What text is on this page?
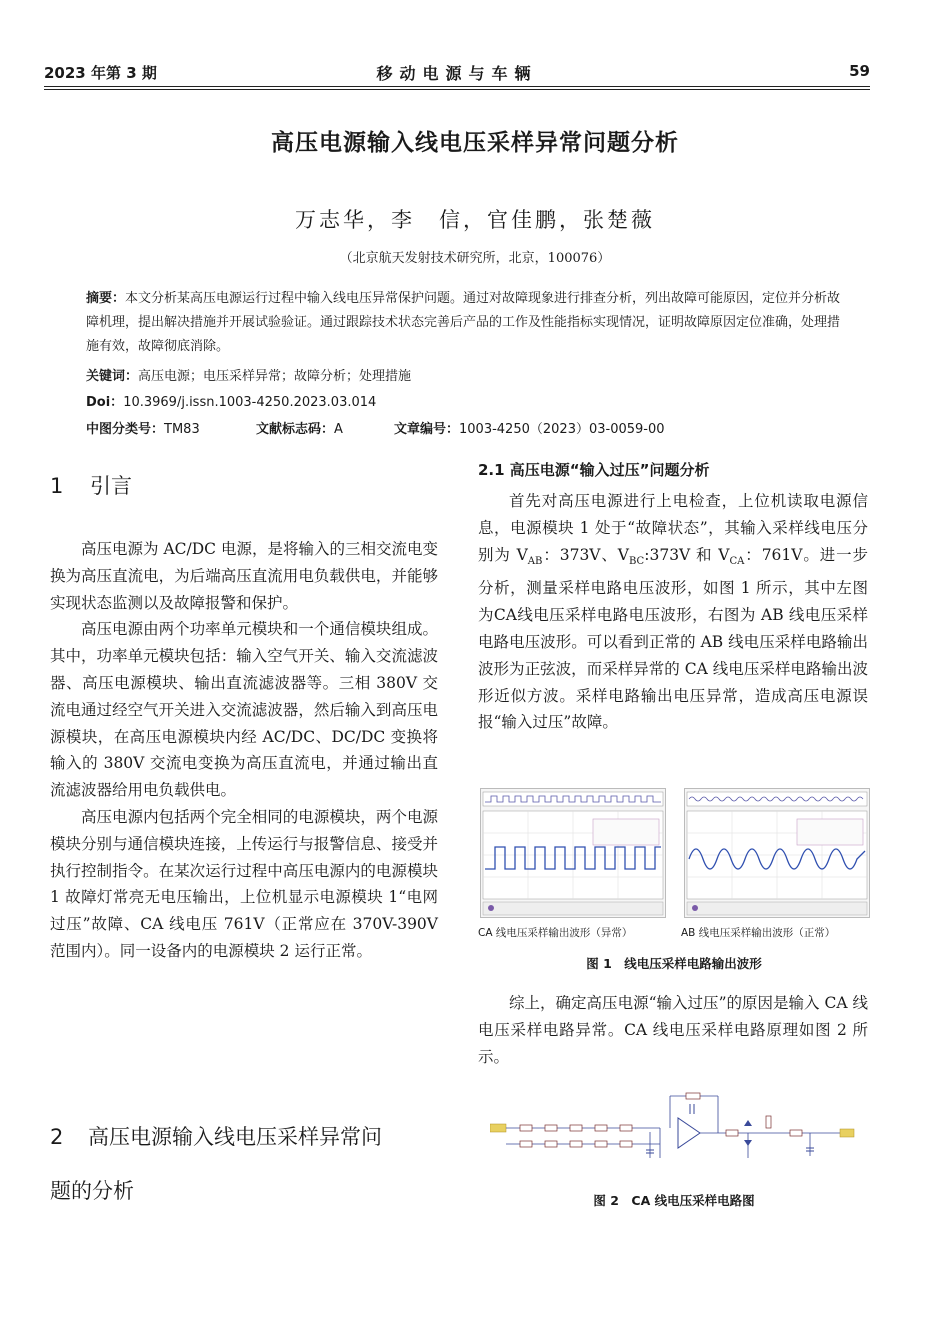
2023 年第 3 期	移动电源与车辆	59
高压电源输入线电压采样异常问题分析
万志华，李　信，官佳鹏，张楚薇
（北京航天发射技术研究所，北京，100076）
摘要：本文分析某高压电源运行过程中输入线电压异常保护问题。通过对故障现象进行排查分析，列出故障可能原因，定位并分析故障机理，提出解决措施并开展试验验证。通过跟踪技术状态完善后产品的工作及性能指标实现情况，证明故障原因定位准确，处理措施有效，故障彻底消除。
关键词：高压电源；电压采样异常；故障分析；处理措施
Doi：10.3969/j.issn.1003-4250.2023.03.014
中图分类号：TM83	文献标志码：A	文章编号：1003-4250（2023）03-0059-00
1 引言

高压电源为 AC/DC 电源，是将输入的三相交流电变换为高压直流电，为后端高压直流用电负载供电，并能够实现状态监测以及故障报警和保护。

高压电源由两个功率单元模块和一个通信模块组成。其中，功率单元模块包括：输入空气开关、输入交流滤波器、高压电源模块、输出直流滤波器等。三相 380V 交流电通过经空气开关进入交流滤波器，然后输入到高压电源模块，在高压电源模块内经 AC/DC、DC/DC 变换将输入的 380V 交流电变换为高压直流电，并通过输出直流滤波器给用电负载供电。

高压电源内包括两个完全相同的电源模块，两个电源模块分别与通信模块连接，上传运行与报警信息、接受并执行控制指令。在某次运行过程中高压电源内的电源模块 1 故障灯常亮无电压输出，上位机显示电源模块 1“电网过压”故障、CA 线电压 761V（正常应在 370V-390V 范围内）。同一设备内的电源模块 2 运行正常。

2 高压电源输入线电压采样异常问
题的分析
2.1 高压电源“输入过压”问题分析

首先对高压电源进行上电检查，上位机读取电源信息，电源模块 1 处于“故障状态”，其输入采样线电压分别为 $V_{AB}$：373V、$V_{BC}:373V$ 和 $V_{CA}$：761V。进一步分析，测量采样电路电压波形，如图 1 所示，其中左图为CA线电压采样电路电压波形，右图为 AB 线电压采样电路电压波形。可以看到正常的 AB 线电压采样电路输出波形为正弦波，而采样异常的 CA 线电压采样电路输出波形近似方波。采样电路输出电压异常，造成高压电源误报“输入过压”故障。

CA 线电压采样输出波形（异常）	AB 线电压采样输出波形（正常）
图 1　线电压采样电路输出波形

综上，确定高压电源“输入过压”的原因是输入 CA 线电压采样电路异常。CA 线电压采样电路原理如图 2 所示。

图 2　CA 线电压采样电路图
